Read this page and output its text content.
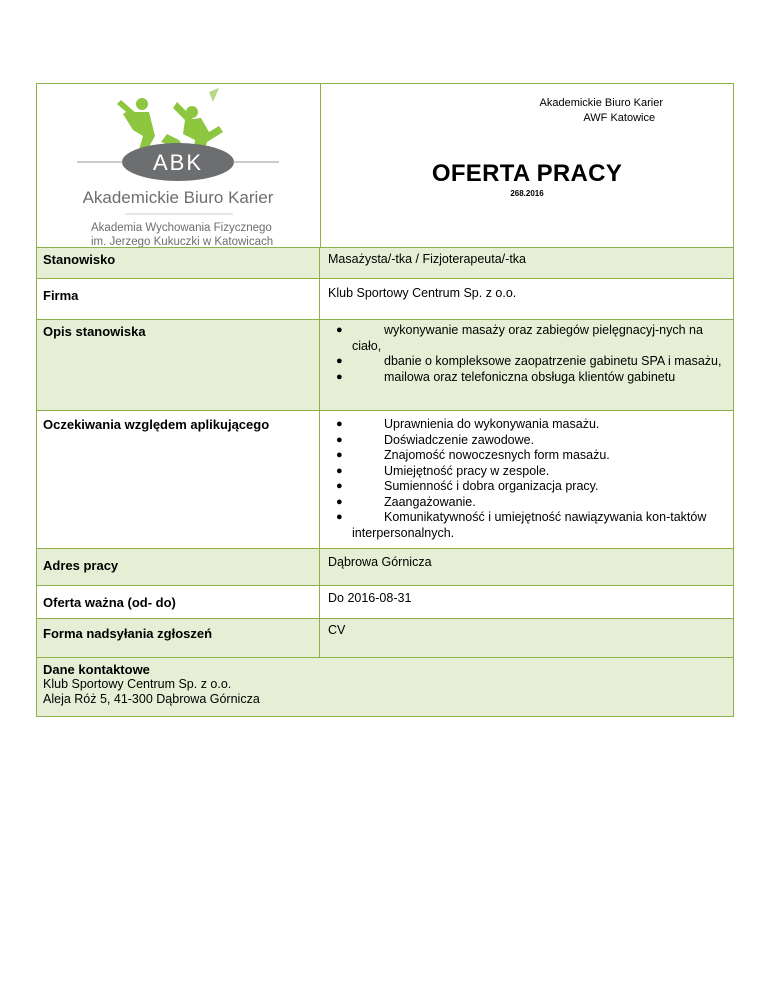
ABK
Akademickie Biuro Karier
Akademia Wychowania Fizycznego
im. Jerzego Kukuczki w Katowicach
Akademickie Biuro Karier
AWF Katowice
OFERTA PRACY
268.2016
Stanowisko	Masażysta/-tka / Fizjoterapeuta/-tka
Firma	Klub Sportowy Centrum Sp. z o.o.
Opis stanowiska	●	wykonywanie masaży oraz zabiegów pielęgnacyj-nych na ciało,
●	dbanie o kompleksowe zaopatrzenie gabinetu SPA i masażu,
●	mailowa oraz telefoniczna obsługa klientów gabinetu
Oczekiwania względem aplikującego	●	Uprawnienia do wykonywania masażu.
●	Doświadczenie zawodowe.
●	Znajomość nowoczesnych form masażu.
●	Umiejętność pracy w zespole.
●	Sumienność i dobra organizacja pracy.
●	Zaangażowanie.
●	Komunikatywność i umiejętność nawiązywania kon-taktów interpersonalnych.
Adres pracy	Dąbrowa Górnicza
Oferta ważna (od- do)	Do 2016-08-31
Forma nadsyłania zgłoszeń	CV
Dane kontaktowe
Klub Sportowy Centrum Sp. z o.o.
Aleja Róż 5, 41-300 Dąbrowa Górnicza
